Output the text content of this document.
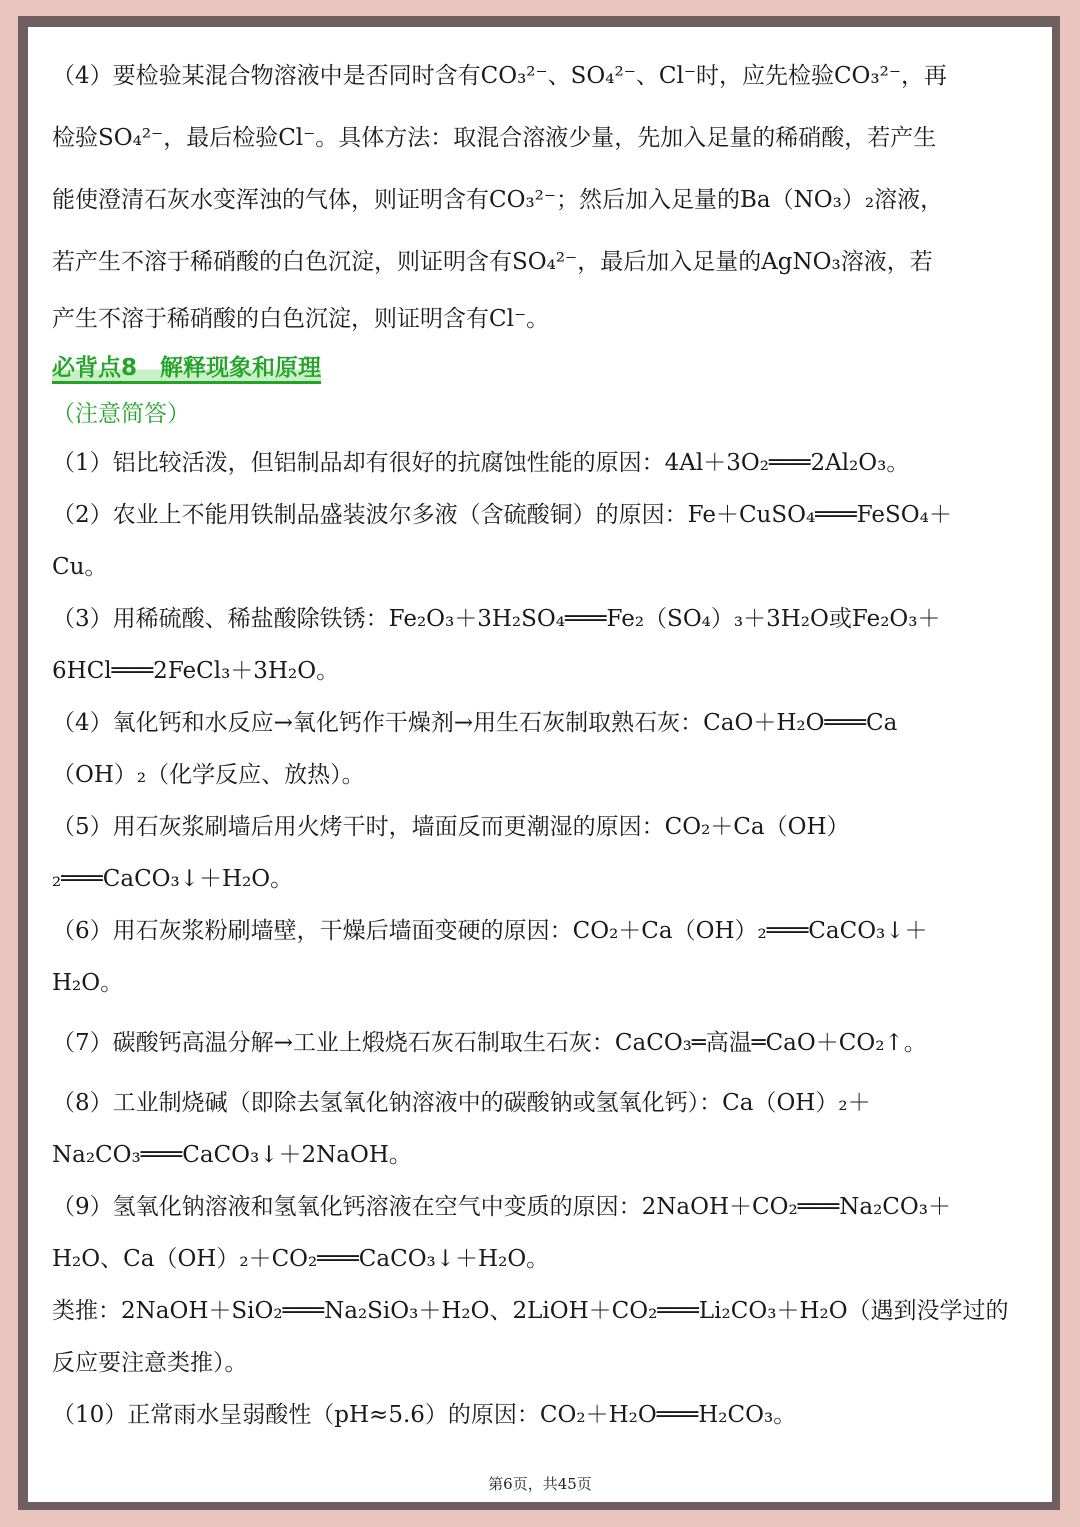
（4）要检验某混合物溶液中是否同时含有CO₃²⁻、SO₄²⁻、Cl⁻时，应先检验CO₃²⁻，再

检验SO₄²⁻，最后检验Cl⁻。具体方法：取混合溶液少量，先加入足量的稀硝酸，若产生

能使澄清石灰水变浑浊的气体，则证明含有CO₃²⁻；然后加入足量的Ba（NO₃）₂溶液，

若产生不溶于稀硝酸的白色沉淀，则证明含有SO₄²⁻，最后加入足量的AgNO₃溶液，若

产生不溶于稀硝酸的白色沉淀，则证明含有Cl⁻。

必背点8　解释现象和原理
（注意简答）

（1）铝比较活泼，但铝制品却有很好的抗腐蚀性能的原因：4Al＋3O₂═══2Al₂O₃。

（2）农业上不能用铁制品盛装波尔多液（含硫酸铜）的原因：Fe＋CuSO₄═══FeSO₄＋

Cu。

（3）用稀硫酸、稀盐酸除铁锈：Fe₂O₃＋3H₂SO₄═══Fe₂（SO₄）₃＋3H₂O或Fe₂O₃＋

6HCl═══2FeCl₃＋3H₂O。

（4）氧化钙和水反应→氧化钙作干燥剂→用生石灰制取熟石灰：CaO＋H₂O═══Ca

（OH）₂（化学反应、放热）。

（5）用石灰浆刷墙后用火烤干时，墙面反而更潮湿的原因：CO₂＋Ca（OH）

₂═══CaCO₃↓＋H₂O。

（6）用石灰浆粉刷墙壁，干燥后墙面变硬的原因：CO₂＋Ca（OH）₂═══CaCO₃↓＋

H₂O。

（7）碳酸钙高温分解→工业上煅烧石灰石制取生石灰：CaCO₃═高温═CaO＋CO₂↑。

（8）工业制烧碱（即除去氢氧化钠溶液中的碳酸钠或氢氧化钙）：Ca（OH）₂＋

Na₂CO₃═══CaCO₃↓＋2NaOH。

（9）氢氧化钠溶液和氢氧化钙溶液在空气中变质的原因：2NaOH＋CO₂═══Na₂CO₃＋

H₂O、Ca（OH）₂＋CO₂═══CaCO₃↓＋H₂O。

类推：2NaOH＋SiO₂═══Na₂SiO₃＋H₂O、2LiOH＋CO₂═══Li₂CO₃＋H₂O（遇到没学过的

反应要注意类推）。

（10）正常雨水呈弱酸性（pH≈5.6）的原因：CO₂＋H₂O═══H₂CO₃。

第6页，共45页
